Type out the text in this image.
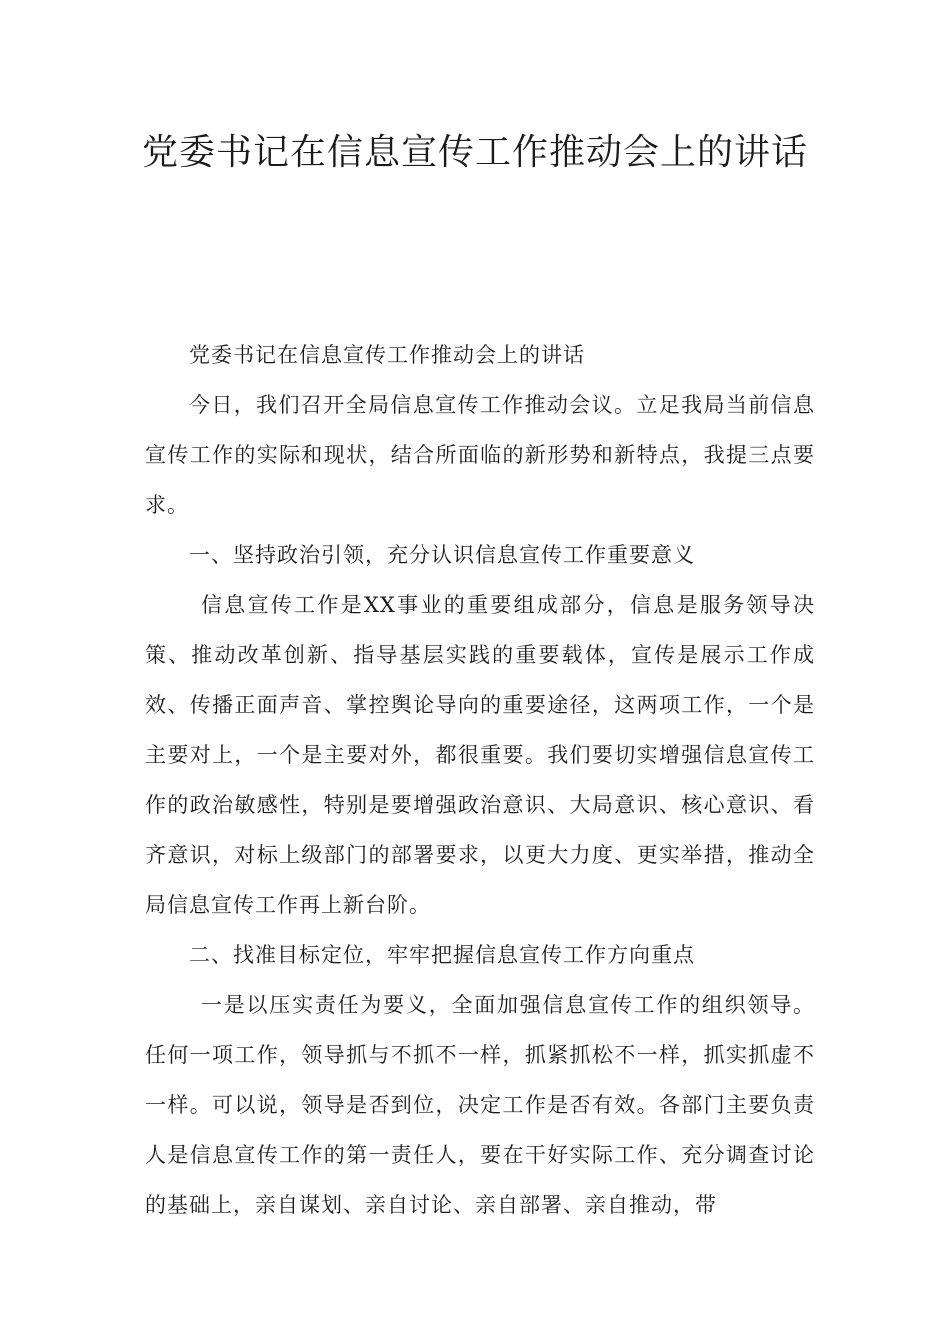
党委书记在信息宣传工作推动会上的讲话

党委书记在信息宣传工作推动会上的讲话

今日，我们召开全局信息宣传工作推动会议。立足我局当前信息宣传工作的实际和现状，结合所面临的新形势和新特点，我提三点要求。

一、坚持政治引领，充分认识信息宣传工作重要意义

信息宣传工作是XX事业的重要组成部分，信息是服务领导决策、推动改革创新、指导基层实践的重要载体，宣传是展示工作成效、传播正面声音、掌控舆论导向的重要途径，这两项工作，一个是主要对上，一个是主要对外，都很重要。我们要切实增强信息宣传工作的政治敏感性，特别是要增强政治意识、大局意识、核心意识、看齐意识，对标上级部门的部署要求，以更大力度、更实举措，推动全局信息宣传工作再上新台阶。

二、找准目标定位，牢牢把握信息宣传工作方向重点

一是以压实责任为要义，全面加强信息宣传工作的组织领导。任何一项工作，领导抓与不抓不一样，抓紧抓松不一样，抓实抓虚不一样。可以说，领导是否到位，决定工作是否有效。各部门主要负责人是信息宣传工作的第一责任人，要在干好实际工作、充分调查讨论的基础上，亲自谋划、亲自讨论、亲自部署、亲自推动，带
